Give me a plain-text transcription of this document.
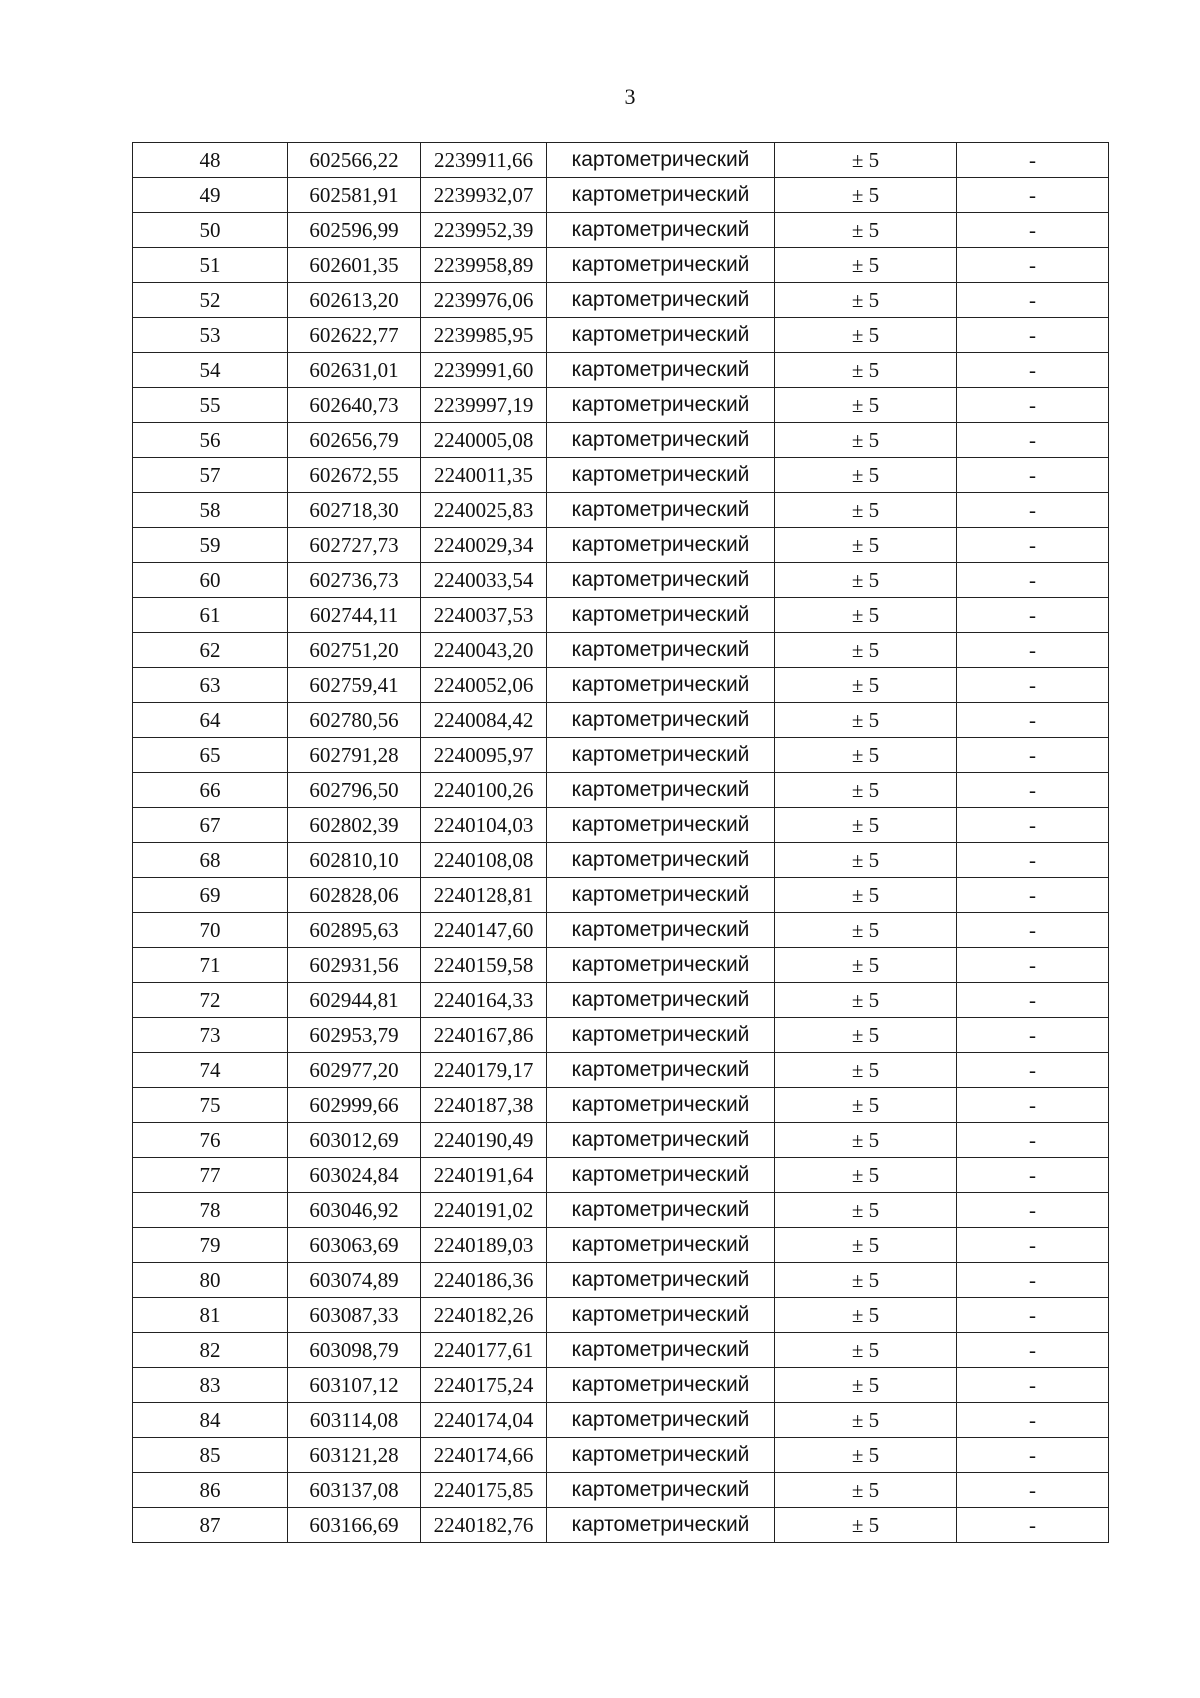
3
48	602566,22	2239911,66	картометрический	± 5	-
49	602581,91	2239932,07	картометрический	± 5	-
50	602596,99	2239952,39	картометрический	± 5	-
51	602601,35	2239958,89	картометрический	± 5	-
52	602613,20	2239976,06	картометрический	± 5	-
53	602622,77	2239985,95	картометрический	± 5	-
54	602631,01	2239991,60	картометрический	± 5	-
55	602640,73	2239997,19	картометрический	± 5	-
56	602656,79	2240005,08	картометрический	± 5	-
57	602672,55	2240011,35	картометрический	± 5	-
58	602718,30	2240025,83	картометрический	± 5	-
59	602727,73	2240029,34	картометрический	± 5	-
60	602736,73	2240033,54	картометрический	± 5	-
61	602744,11	2240037,53	картометрический	± 5	-
62	602751,20	2240043,20	картометрический	± 5	-
63	602759,41	2240052,06	картометрический	± 5	-
64	602780,56	2240084,42	картометрический	± 5	-
65	602791,28	2240095,97	картометрический	± 5	-
66	602796,50	2240100,26	картометрический	± 5	-
67	602802,39	2240104,03	картометрический	± 5	-
68	602810,10	2240108,08	картометрический	± 5	-
69	602828,06	2240128,81	картометрический	± 5	-
70	602895,63	2240147,60	картометрический	± 5	-
71	602931,56	2240159,58	картометрический	± 5	-
72	602944,81	2240164,33	картометрический	± 5	-
73	602953,79	2240167,86	картометрический	± 5	-
74	602977,20	2240179,17	картометрический	± 5	-
75	602999,66	2240187,38	картометрический	± 5	-
76	603012,69	2240190,49	картометрический	± 5	-
77	603024,84	2240191,64	картометрический	± 5	-
78	603046,92	2240191,02	картометрический	± 5	-
79	603063,69	2240189,03	картометрический	± 5	-
80	603074,89	2240186,36	картометрический	± 5	-
81	603087,33	2240182,26	картометрический	± 5	-
82	603098,79	2240177,61	картометрический	± 5	-
83	603107,12	2240175,24	картометрический	± 5	-
84	603114,08	2240174,04	картометрический	± 5	-
85	603121,28	2240174,66	картометрический	± 5	-
86	603137,08	2240175,85	картометрический	± 5	-
87	603166,69	2240182,76	картометрический	± 5	-
